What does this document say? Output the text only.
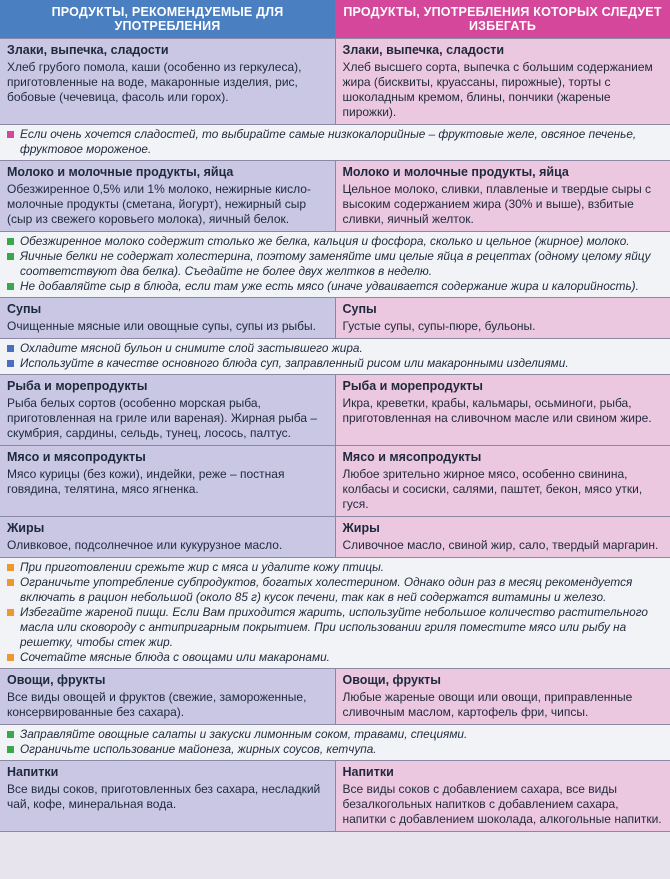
ПРОДУКТЫ, РЕКОМЕНДУЕМЫЕ ДЛЯ УПОТРЕБЛЕНИЯ
ПРОДУКТЫ, УПОТРЕБЛЕНИЯ КОТОРЫХ СЛЕДУЕТ ИЗБЕГАТЬ
Злаки, выпечка, сладости
Хлеб грубого помола, каши (особенно из геркулеса), приготовленные на воде, макаронные изделия, рис, бобовые (чечевица, фасоль или горох).
Злаки, выпечка, сладости
Хлеб высшего сорта, выпечка с большим содержанием жира (бисквиты, круассаны, пирожные), торты с шоколадным кремом, блины, пончики (жареные пирожки).
Если очень хочется сладостей, то выбирайте самые низкокалорийные – фруктовые желе, овсяное печенье, фруктовое мороженое.
Молоко и молочные продукты, яйца
Обезжиренное 0,5% или 1% молоко, нежирные кисло-молочные продукты (сметана, йогурт), нежирный сыр (сыр из свежего коровьего молока), яичный белок.
Молоко и молочные продукты, яйца
Цельное молоко, сливки, плавленые и твердые сыры с высоким содержанием жира (30% и выше), взбитые сливки, яичный желток.
Обезжиренное молоко содержит столько же белка, кальция и фосфора, сколько и цельное (жирное) молоко.
Яичные белки не содержат холестерина, поэтому заменяйте ими целые яйца в рецептах (одному целому яйцу соответствуют два белка). Съедайте не более двух желтков в неделю.
Не добавляйте сыр в блюда, если там уже есть мясо (иначе удваивается содержание жира и калорийность).
Супы
Очищенные мясные или овощные супы, супы из рыбы.
Супы
Густые супы, супы-пюре, бульоны.
Охладите мясной бульон и снимите слой застывшего жира.
Используйте в качестве основного блюда суп, заправленный рисом или макаронными изделиями.
Рыба и морепродукты
Рыба белых сортов (особенно морская рыба, приготовленная на гриле или вареная). Жирная рыба – скумбрия, сардины, сельдь, тунец, лосось, палтус.
Рыба и морепродукты
Икра, креветки, крабы, кальмары, осьминоги, рыба, приготовленная на сливочном масле или свином жире.
Мясо и мясопродукты
Мясо курицы (без кожи), индейки, реже – постная говядина, телятина, мясо ягненка.
Мясо и мясопродукты
Любое зрительно жирное мясо, особенно свинина, колбасы и сосиски, салями, паштет, бекон, мясо утки, гуся.
Жиры
Оливковое, подсолнечное или кукурузное масло.
Жиры
Сливочное масло, свиной жир, сало, твердый маргарин.
При приготовлении срежьте жир с мяса и удалите кожу птицы.
Ограничьте употребление субпродуктов, богатых холестерином. Однако один раз в месяц рекомендуется включать в рацион небольшой (около 85 г) кусок печени, так как в ней содержатся витамины и железо.
Избегайте жареной пищи. Если Вам приходится жарить, используйте небольшое количество растительного масла или сковороду с антипригарным покрытием. При использовании гриля поместите мясо или рыбу на решетку, чтобы стек жир.
Сочетайте мясные блюда с овощами или макаронами.
Овощи, фрукты
Все виды овощей и фруктов (свежие, замороженные, консервированные без сахара).
Овощи, фрукты
Любые жареные овощи или овощи, приправленные сливочным маслом, картофель фри, чипсы.
Заправляйте овощные салаты и закуски лимонным соком, травами, специями.
Ограничьте использование майонеза, жирных соусов, кетчупа.
Напитки
Все виды соков, приготовленных без сахара, несладкий чай, кофе, минеральная вода.
Напитки
Все виды соков с добавлением сахара, все виды безалкогольных напитков с добавлением сахара, напитки с добавлением шоколада, алкогольные напитки.
